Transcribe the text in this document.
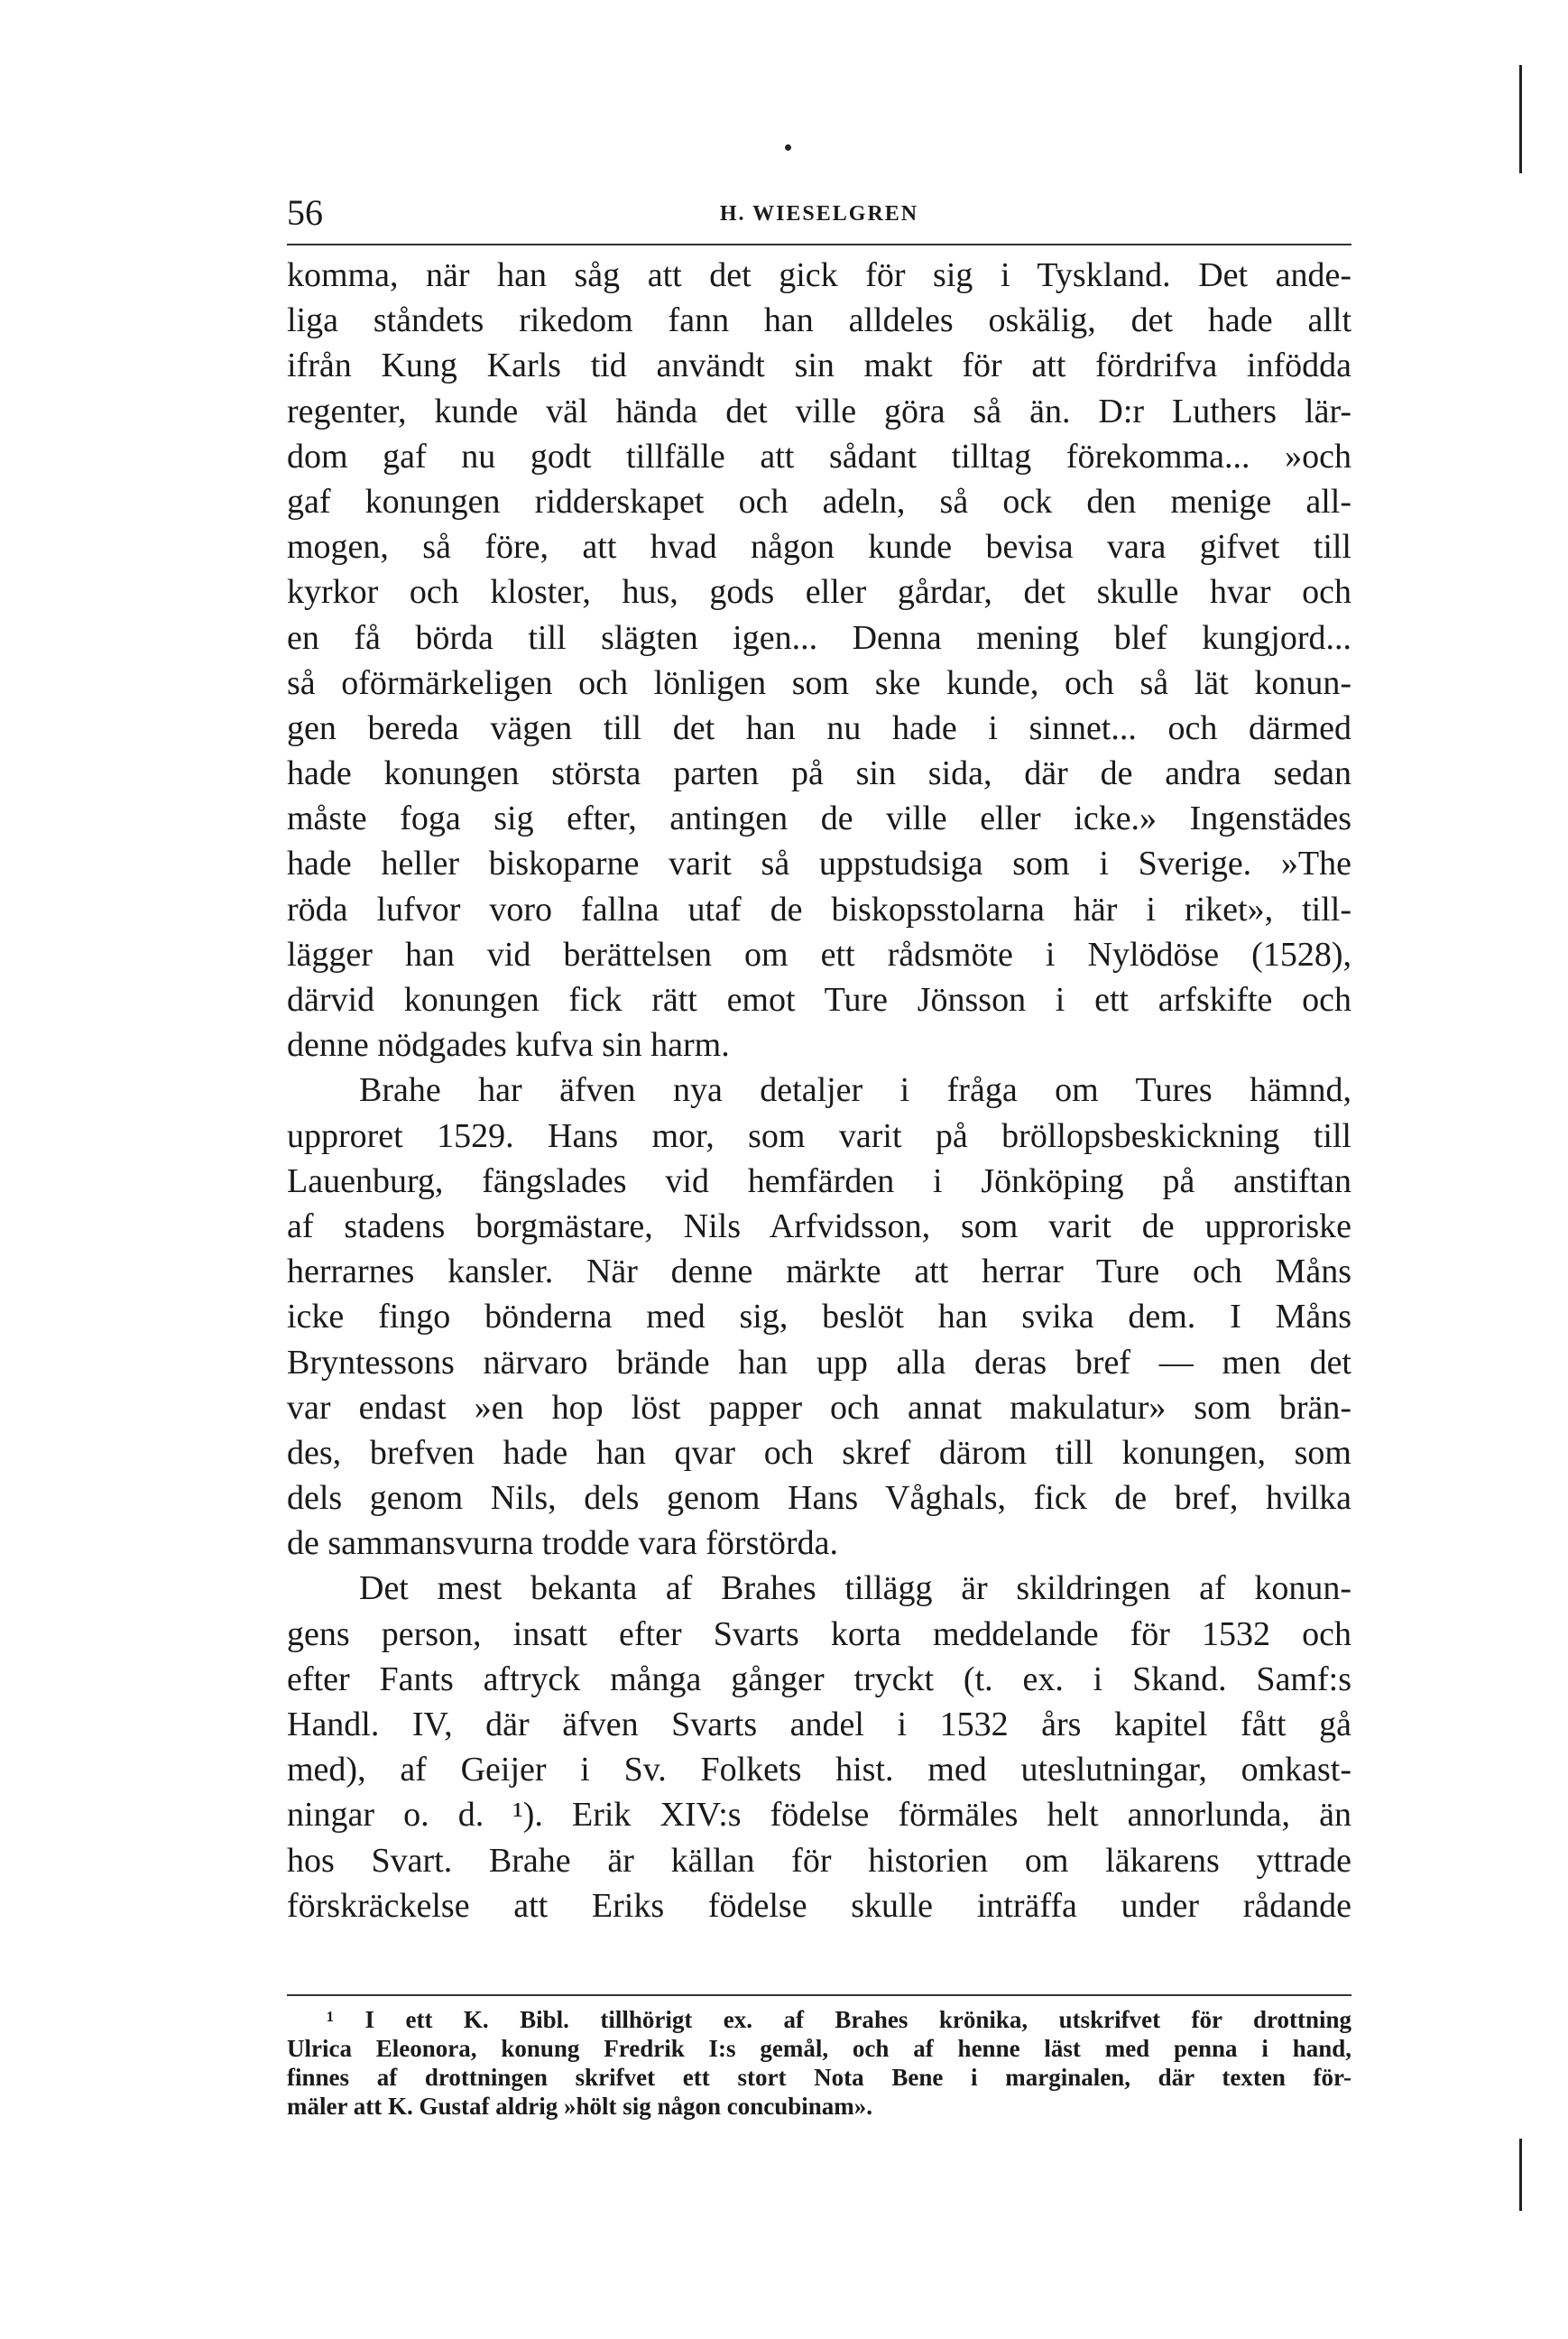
56	H. WIESELGREN
komma, när han såg att det gick för sig i Tyskland. Det ande-
liga ståndets rikedom fann han alldeles oskälig, det hade allt
ifrån Kung Karls tid användt sin makt för att fördrifva infödda
regenter, kunde väl hända det ville göra så än. D:r Luthers lär-
dom gaf nu godt tillfälle att sådant tilltag förekomma... »och
gaf konungen ridderskapet och adeln, så ock den menige all-
mogen, så före, att hvad någon kunde bevisa vara gifvet till
kyrkor och kloster, hus, gods eller gårdar, det skulle hvar och
en få börda till slägten igen... Denna mening blef kungjord...
så oförmärkeligen och lönligen som ske kunde, och så lät konun-
gen bereda vägen till det han nu hade i sinnet... och därmed
hade konungen största parten på sin sida, där de andra sedan
måste foga sig efter, antingen de ville eller icke.» Ingenstädes
hade heller biskoparne varit så uppstudsiga som i Sverige. »The
röda lufvor voro fallna utaf de biskopsstolarna här i riket», till-
lägger han vid berättelsen om ett rådsmöte i Nylödöse (1528),
därvid konungen fick rätt emot Ture Jönsson i ett arfskifte och
denne nödgades kufva sin harm.
Brahe har äfven nya detaljer i fråga om Tures hämnd,
upproret 1529. Hans mor, som varit på bröllopsbeskickning till
Lauenburg, fängslades vid hemfärden i Jönköping på anstiftan
af stadens borgmästare, Nils Arfvidsson, som varit de upproriske
herrarnes kansler. När denne märkte att herrar Ture och Måns
icke fingo bönderna med sig, beslöt han svika dem. I Måns
Bryntessons närvaro brände han upp alla deras bref — men det
var endast »en hop löst papper och annat makulatur» som brän-
des, brefven hade han qvar och skref därom till konungen, som
dels genom Nils, dels genom Hans Våghals, fick de bref, hvilka
de sammansvurna trodde vara förstörda.
Det mest bekanta af Brahes tillägg är skildringen af konun-
gens person, insatt efter Svarts korta meddelande för 1532 och
efter Fants aftryck många gånger tryckt (t. ex. i Skand. Samf:s
Handl. IV, där äfven Svarts andel i 1532 års kapitel fått gå
med), af Geijer i Sv. Folkets hist. med uteslutningar, omkast-
ningar o. d. ¹). Erik XIV:s födelse förmäles helt annorlunda, än
hos Svart. Brahe är källan för historien om läkarens yttrade
förskräckelse att Eriks födelse skulle inträffa under rådande
¹ I ett K. Bibl. tillhörigt ex. af Brahes krönika, utskrifvet för drottning
Ulrica Eleonora, konung Fredrik I:s gemål, och af henne läst med penna i hand,
finnes af drottningen skrifvet ett stort Nota Bene i marginalen, där texten för-
mäler att K. Gustaf aldrig »hölt sig någon concubinam».
